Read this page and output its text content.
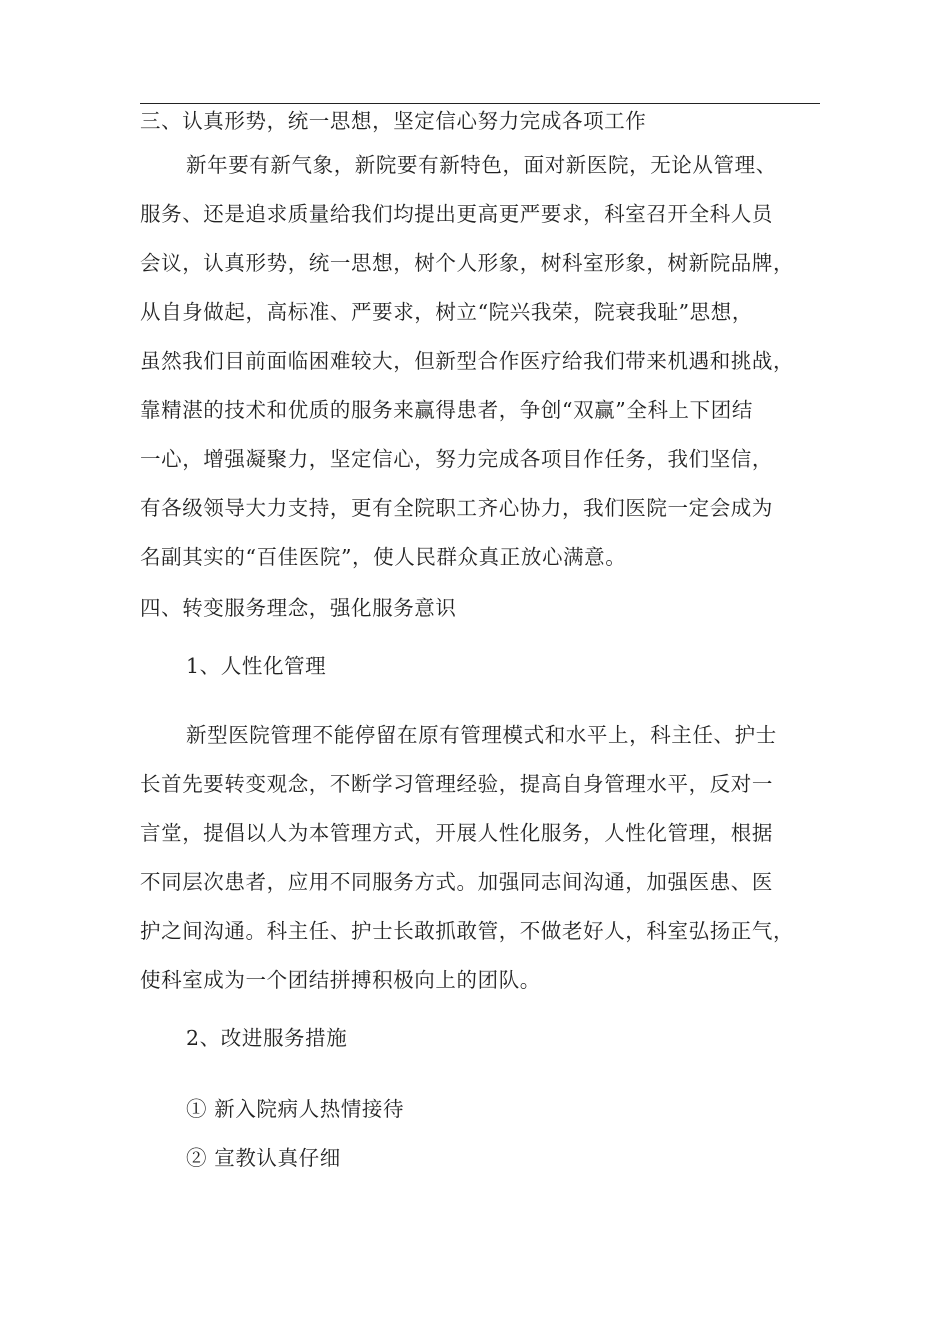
三、认真形势，统一思想，坚定信心努力完成各项工作
新年要有新气象，新院要有新特色，面对新医院，无论从管理、
服务、还是追求质量给我们均提出更高更严要求，科室召开全科人员
会议，认真形势，统一思想，树个人形象，树科室形象，树新院品牌，
从自身做起，高标准、严要求，树立“院兴我荣，院衰我耻”思想，
虽然我们目前面临困难较大，但新型合作医疗给我们带来机遇和挑战，
靠精湛的技术和优质的服务来赢得患者，争创“双赢”全科上下团结
一心，增强凝聚力，坚定信心，努力完成各项目作任务，我们坚信，
有各级领导大力支持，更有全院职工齐心协力，我们医院一定会成为
名副其实的“百佳医院”，使人民群众真正放心满意。
四、转变服务理念，强化服务意识
1、人性化管理
新型医院管理不能停留在原有管理模式和水平上，科主任、护士
长首先要转变观念，不断学习管理经验，提高自身管理水平，反对一
言堂，提倡以人为本管理方式，开展人性化服务，人性化管理，根据
不同层次患者，应用不同服务方式。加强同志间沟通，加强医患、医
护之间沟通。科主任、护士长敢抓敢管，不做老好人，科室弘扬正气，
使科室成为一个团结拼搏积极向上的团队。
2、改进服务措施
① 新入院病人热情接待
② 宣教认真仔细
